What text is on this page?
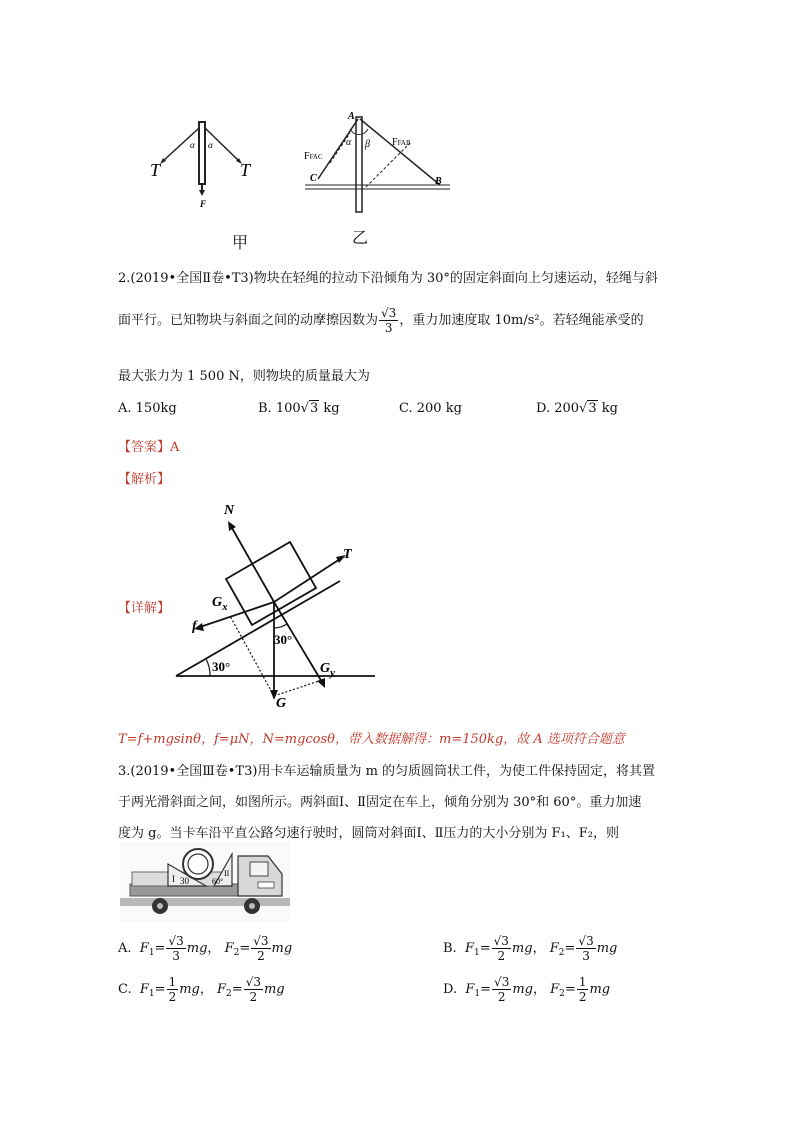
α α
T	T
F
甲
A
α β
FFAC
FFAB
C	B
乙
2.(2019•全国Ⅱ卷•T3)物块在轻绳的拉动下沿倾角为 30°的固定斜面向上匀速运动，轻绳与斜
面平行。已知物块与斜面之间的动摩擦因数为 $\frac{√3}{3}$ ，重力加速度取 10m/s²。若轻绳能承受的
最大张力为 1 500 N，则物块的质量最大为
A. 150kg	B. 100√3 kg	C. 200 kg	D. 200√3 kg
【答案】A
【解析】
【详解】
N
T
$G_x$
f
30°
30°
G
$G_y$
T=f+mgsinθ，f=μN，N=mgcosθ，带入数据解得：m=150kg，故 A 选项符合题意
3.(2019•全国Ⅲ卷•T3)用卡车运输质量为 m 的匀质圆筒状工件，为使工件保持固定，将其置
于两光滑斜面之间，如图所示。两斜面Ⅰ、Ⅱ固定在车上，倾角分别为 30°和 60°。重力加速
度为 g。当卡车沿平直公路匀速行驶时，圆筒对斜面Ⅰ、Ⅱ压力的大小分别为 F₁、F₂，则
I 30
II
60°
A. $F_1= \frac{√3}{3}$ mg， $F_2= \frac{√3}{2}$ mg	B. $F_1= \frac{√3}{2}$ mg， $F_2= \frac{√3}{3}$ mg
C. $F_1= \frac{1}{2}$ mg， $F_2= \frac{√3}{2}$ mg	D. $F_1= \frac{√3}{2}$ mg， $F_2= \frac{1}{2}$ mg
